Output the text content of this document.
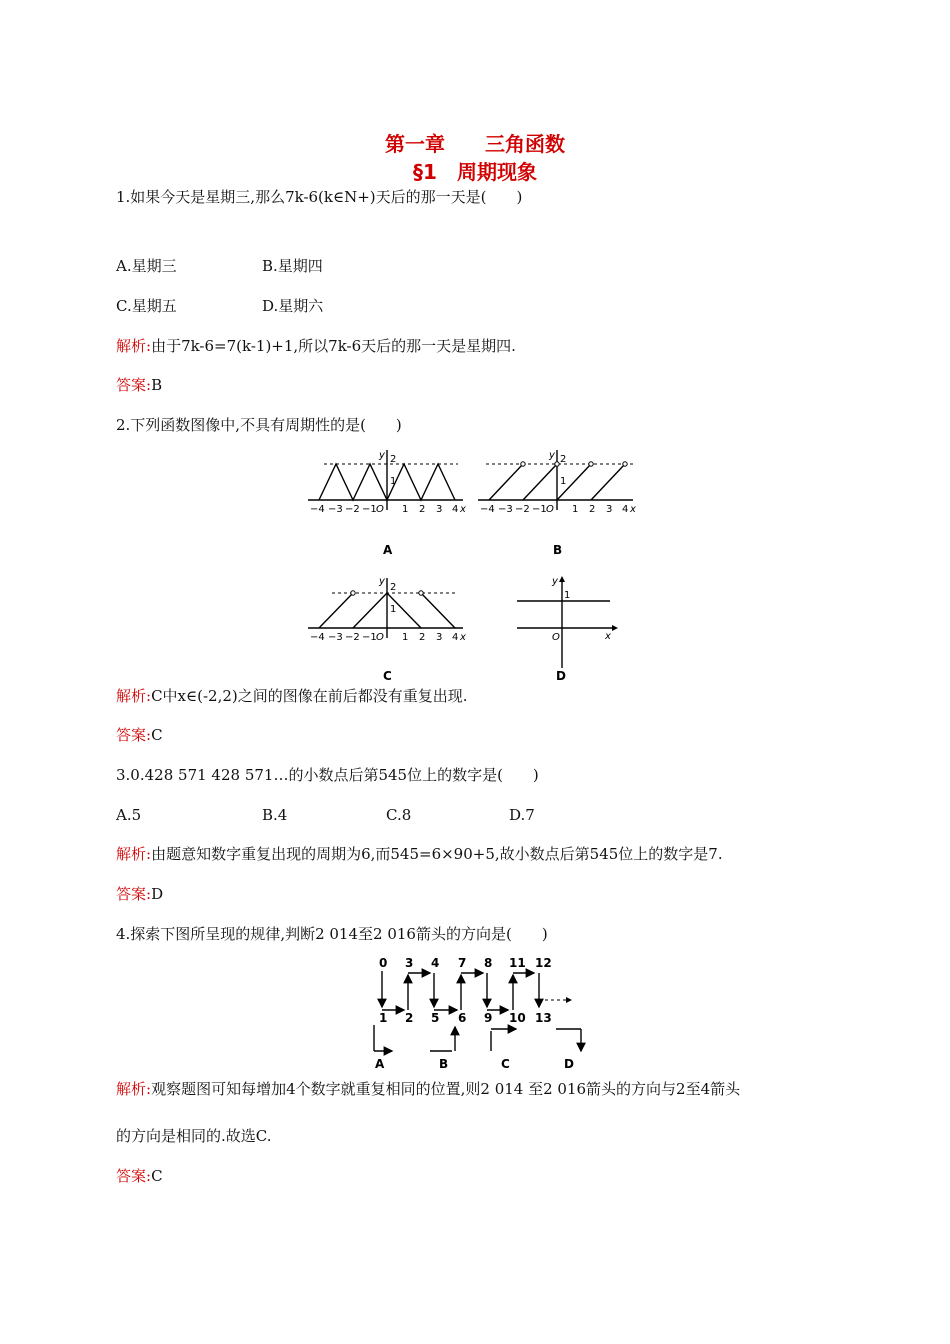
第一章　　三角函数
§1　周期现象
1.如果今天是星期三,那么7k-6(k∈N+)天后的那一天是(　　)
A.星期三	B.星期四
C.星期五	D.星期六
解析:由于7k-6=7(k-1)+1,所以7k-6天后的那一天是星期四.
答案:B
2.下列函数图像中,不具有周期性的是(　　)
y 2
1
O
−4 −3 −2 −1	1 2 3 4 x
A
y 2
1
O
−4 −3 −2 −1	1 2 3 4 x
B
y
2
1
O
−4 −3 −2 −1	1 2 3 4 x
C
y
1
O	x
D
解析:C中x∈(-2,2)之间的图像在前后都没有重复出现.
答案:C
3.0.428 571 428 571…的小数点后第545位上的数字是(　　)
A.5	B.4	C.8	D.7
解析:由题意知数字重复出现的周期为6,而545=6×90+5,故小数点后第545位上的数字是7.
答案:D
4.探索下图所呈现的规律,判断2 014至2 016箭头的方向是(　　)
0 3 4 7 8 11 12
1 2 5 6 9 10 13
A	B	C	D
解析:观察题图可知每增加4个数字就重复相同的位置,则2 014 至2 016箭头的方向与2至4箭头
的方向是相同的.故选C.
答案:C
